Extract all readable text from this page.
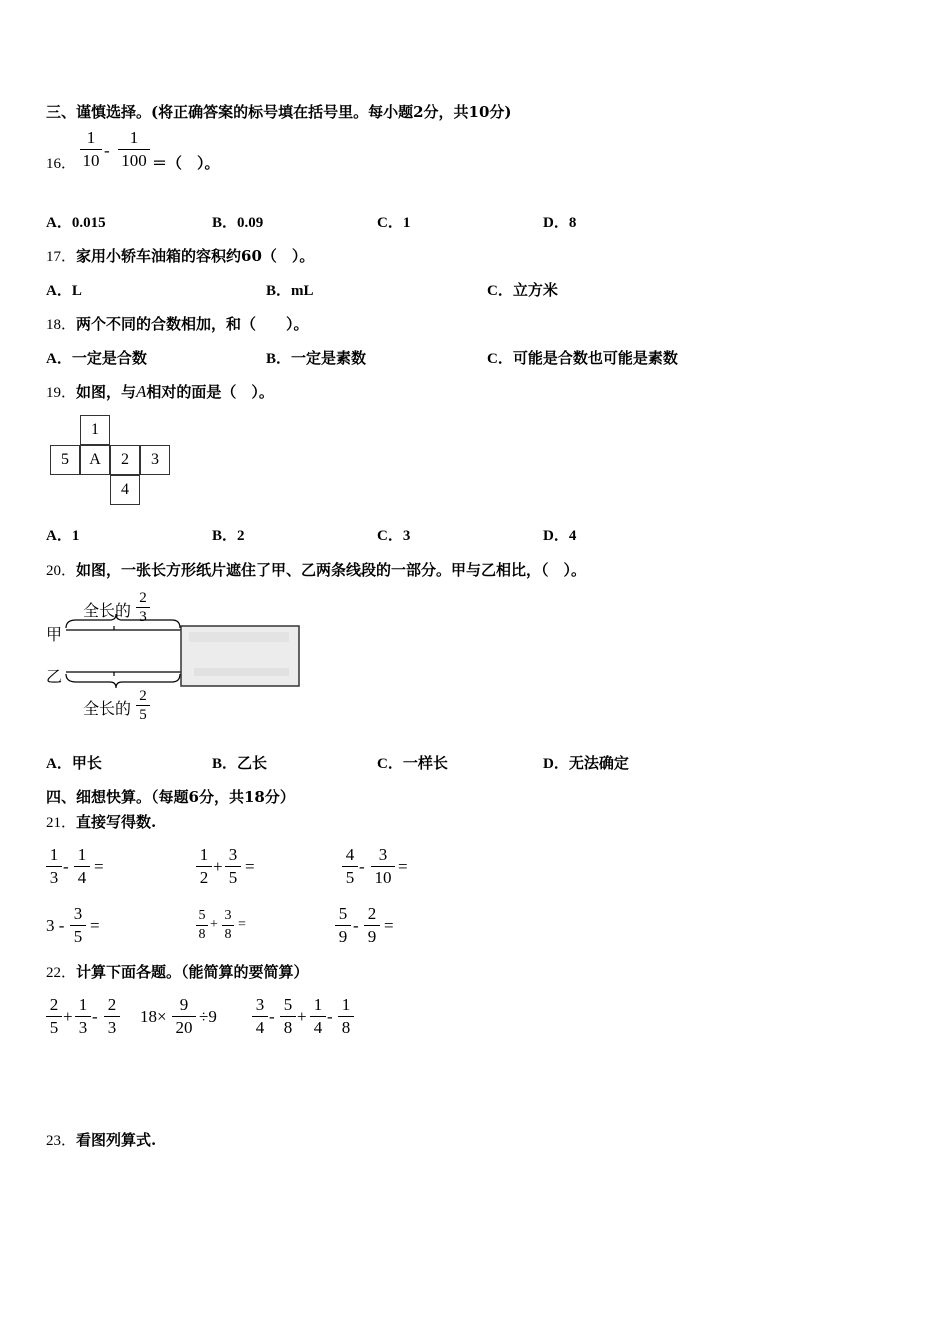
三、谨慎选择。(将正确答案的标号填在括号里。每小题2分，共10分)
16．
1
10
-
1
100 ＝（　）。
A．0.015	B．0.09	C．1	D．8
17．家用小轿车油箱的容积约60（　）。
A．L	B．mL	C．立方米
18．两个不同的合数相加，和（　　）。
A．一定是合数	B．一定是素数	C．可能是合数也可能是素数
19．如图，与A相对的面是（　）。
1
5	A	2	3
4
A．1	B．2	C．3	D．4
20．如图，一张长方形纸片遮住了甲、乙两条线段的一部分。甲与乙相比，（　）。
甲
乙
全长的
2
3
全长的
2
5
A．甲长	B．乙长	C．一样长	D．无法确定
四、细想快算。（每题6分，共18分）
21．直接写得数.
1
3
-
1
4
=
1
2
+
3
5
=
4
5
-
3
10
=
3 -
3
5
=
5
8
+
3
8
=
5
9
-
2
9
=
22．计算下面各题。（能简算的要简算）
2
5
+
1
3
-
2
3
18×
9
20
÷9
3
4
-
5
8
+
1
4
-
1
8
23．看图列算式.
